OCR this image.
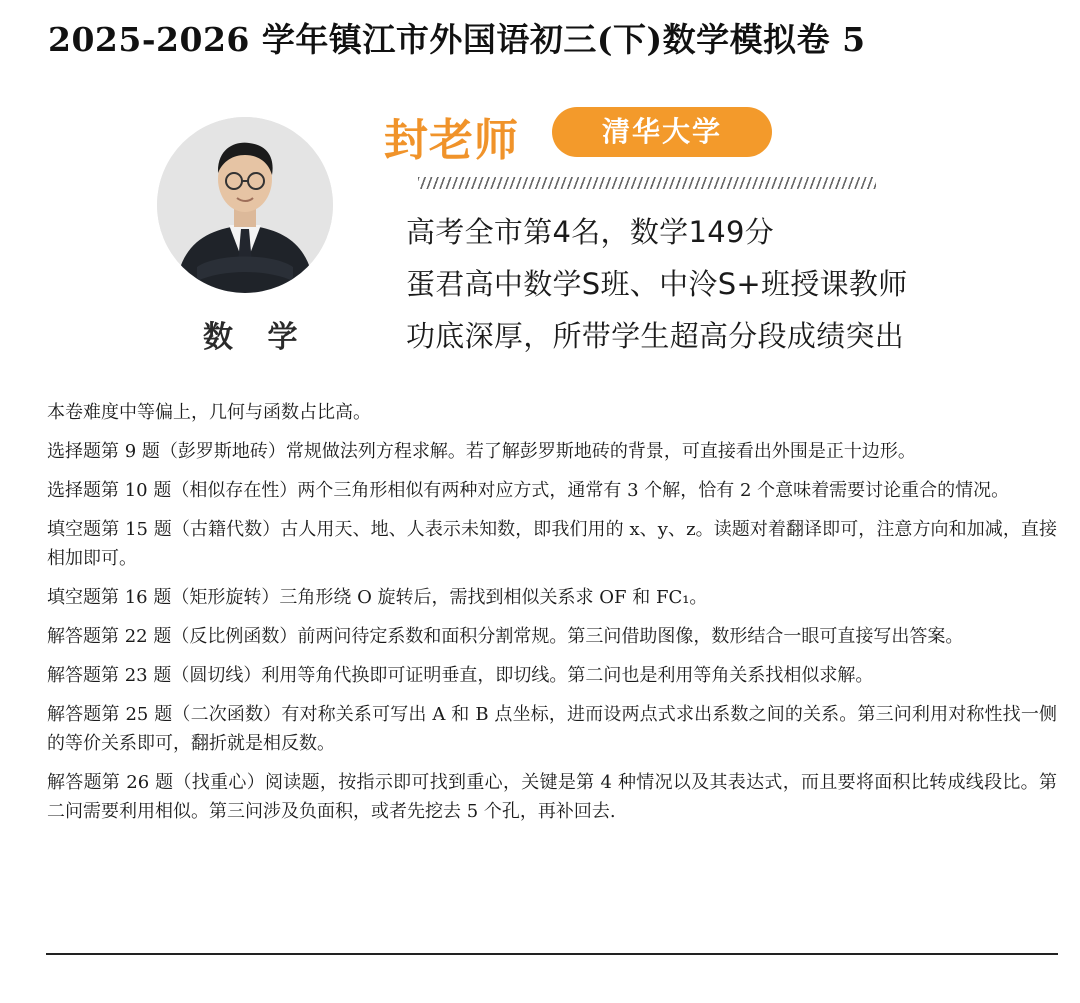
2025-2026 学年镇江市外国语初三(下)数学模拟卷 5
数 学
封老师	清华大学
高考全市第4名，数学149分
蛋君高中数学S班、中泠S+班授课教师
功底深厚，所带学生超高分段成绩突出

本卷难度中等偏上，几何与函数占比高。

选择题第 9 题（彭罗斯地砖）常规做法列方程求解。若了解彭罗斯地砖的背景，可直接看出外围是正十边形。

选择题第 10 题（相似存在性）两个三角形相似有两种对应方式，通常有 3 个解，恰有 2 个意味着需要讨论重合的情况。

填空题第 15 题（古籍代数）古人用天、地、人表示未知数，即我们用的 x、y、z。读题对着翻译即可，注意方向和加减，直接相加即可。

填空题第 16 题（矩形旋转）三角形绕 O 旋转后，需找到相似关系求 OF 和 FC₁。

解答题第 22 题（反比例函数）前两问待定系数和面积分割常规。第三问借助图像，数形结合一眼可直接写出答案。

解答题第 23 题（圆切线）利用等角代换即可证明垂直，即切线。第二问也是利用等角关系找相似求解。

解答题第 25 题（二次函数）有对称关系可写出 A 和 B 点坐标，进而设两点式求出系数之间的关系。第三问利用对称性找一侧的等价关系即可，翻折就是相反数。

解答题第 26 题（找重心）阅读题，按指示即可找到重心，关键是第 4 种情况以及其表达式，而且要将面积比转成线段比。第二问需要利用相似。第三问涉及负面积，或者先挖去 5 个孔，再补回去.
